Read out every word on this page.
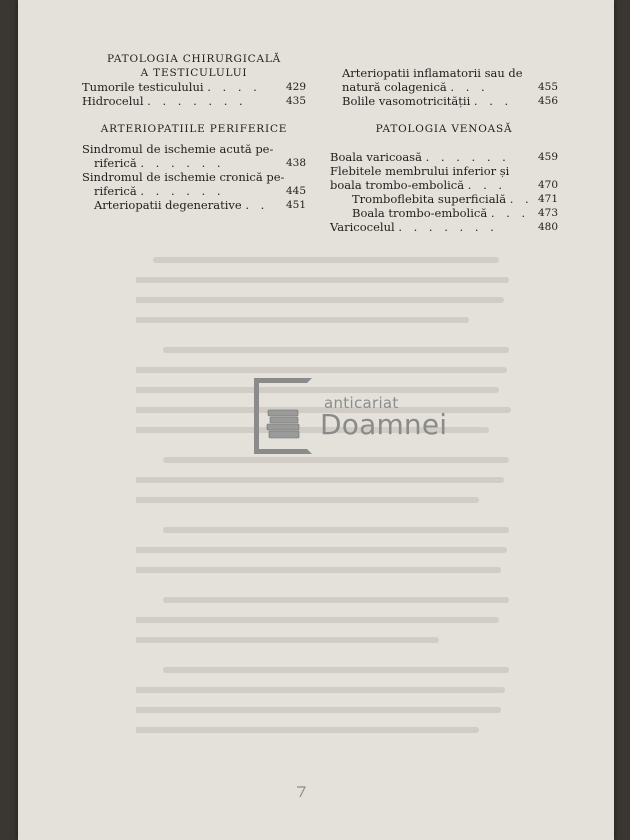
PATOLOGIA CHIRURGICALĂ
A TESTICULULUI
Tumorile testiculului . . . . 429
Hidrocelul . . . . . . .	435
ARTERIOPATIILE PERIFERICE
Sindromul de ischemie acută pe-
riferică . . . . . .	438
Sindromul de ischemie cronică pe-
riferică . . . . . .	445
Arteriopatii degenerative . . 451
Arteriopatii inflamatorii sau de
natură colagenică . . .	455
Bolile vasomotricității . . . 456
PATOLOGIA VENOASĂ
Boala varicoasă . . . . . .	459
Flebitele membrului inferior și
boala trombo-embolică . . .	470
Tromboflebita superficială . . 471
Boala trombo-embolică . . . 473
Varicocelul . . . . . . .	480
anticariat
Doamnei
